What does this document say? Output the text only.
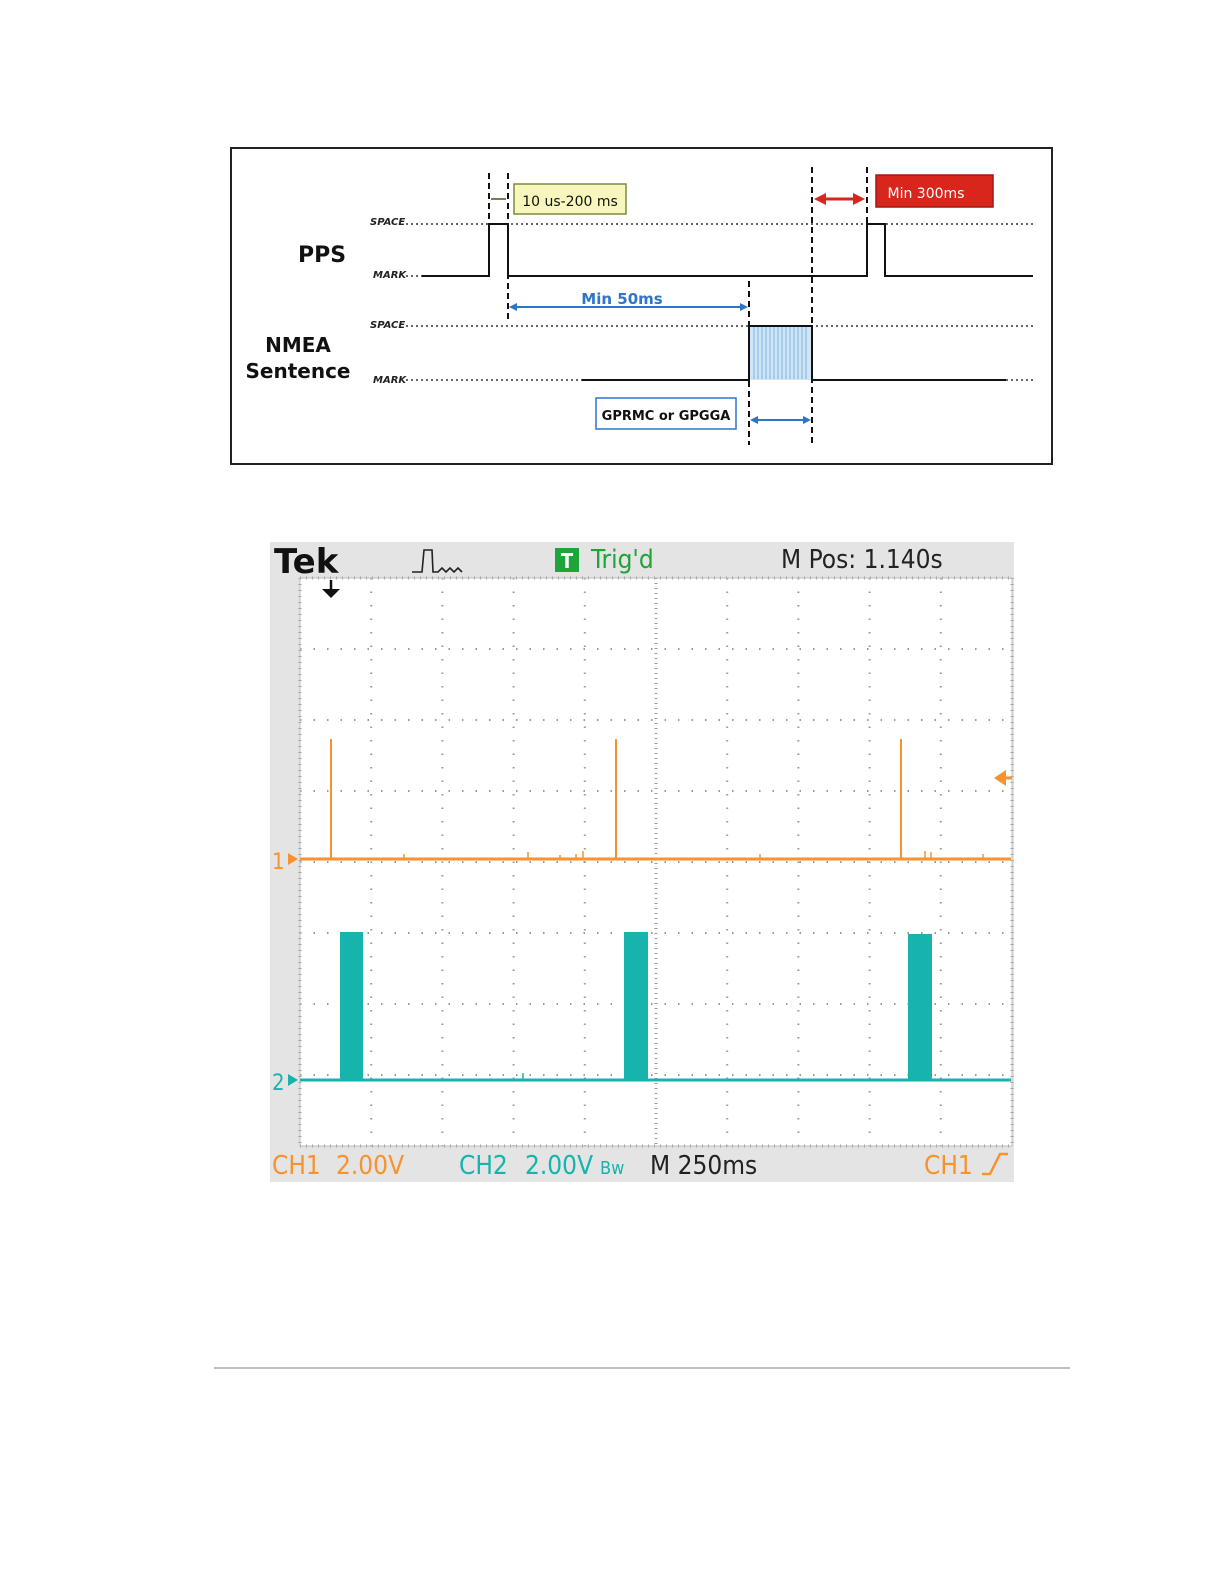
PPS
NMEA
Sentence
SPACE
MARK
SPACE
MARK
10 us-200 ms	Min 300ms
Min 50ms
GPRMC or GPGGA
Tek	T Trig'd	M Pos: 1.140s
1
2
CH1 2.00V CH2 2.00V Bw M 250ms	CH1
